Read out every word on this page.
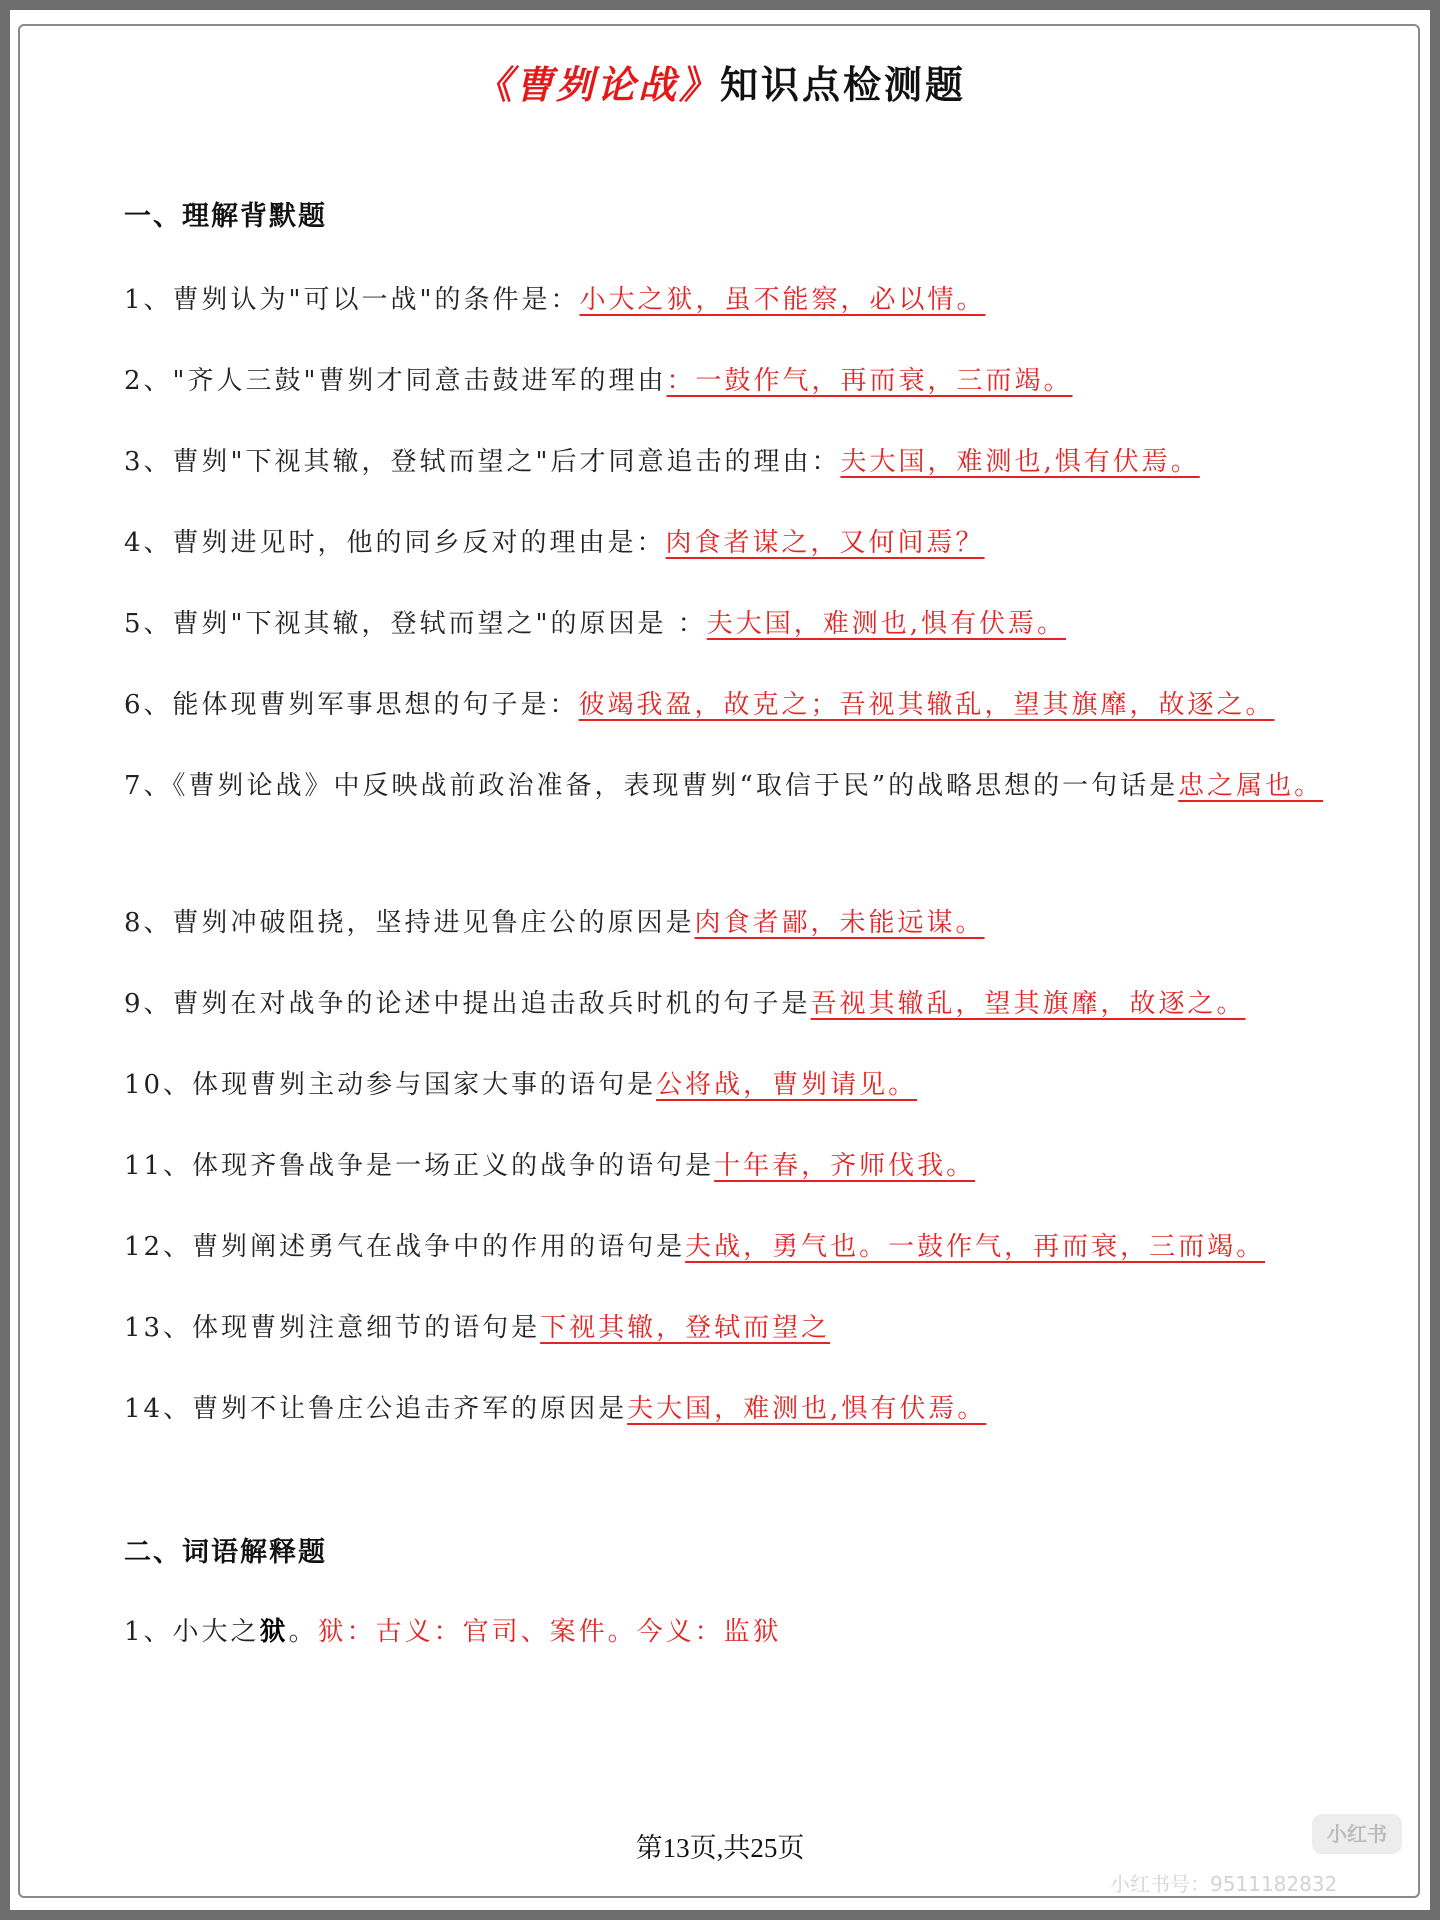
《曹刿论战》知识点检测题
一、理解背默题
1、曹刿认为"可以一战"的条件是：小大之狱，虽不能察，必以情。
2、"齐人三鼓"曹刿才同意击鼓进军的理由：一鼓作气，再而衰，三而竭。
3、曹刿"下视其辙，登轼而望之"后才同意追击的理由：夫大国，难测也,惧有伏焉。
4、曹刿进见时，他的同乡反对的理由是：肉食者谋之，又何间焉？
5、曹刿"下视其辙，登轼而望之"的原因是 ：夫大国，难测也,惧有伏焉。
6、能体现曹刿军事思想的句子是：彼竭我盈，故克之；吾视其辙乱，望其旗靡，故逐之。
7、《曹刿论战》中反映战前政治准备，表现曹刿“取信于民”的战略思想的一句话是忠之属也。
8、曹刿冲破阻挠，坚持进见鲁庄公的原因是肉食者鄙，未能远谋。
9、曹刿在对战争的论述中提出追击敌兵时机的句子是吾视其辙乱，望其旗靡，故逐之。
10、体现曹刿主动参与国家大事的语句是公将战，曹刿请见。
11、体现齐鲁战争是一场正义的战争的语句是十年春，齐师伐我。
12、曹刿阐述勇气在战争中的作用的语句是夫战，勇气也。一鼓作气，再而衰，三而竭。
13、体现曹刿注意细节的语句是下视其辙，登轼而望之
14、曹刿不让鲁庄公追击齐军的原因是夫大国，难测也,惧有伏焉。
二、词语解释题
1、小大之狱。狱：古义：官司、案件。今义：监狱
第13页,共25页	小红书
小红书号：9511182832
